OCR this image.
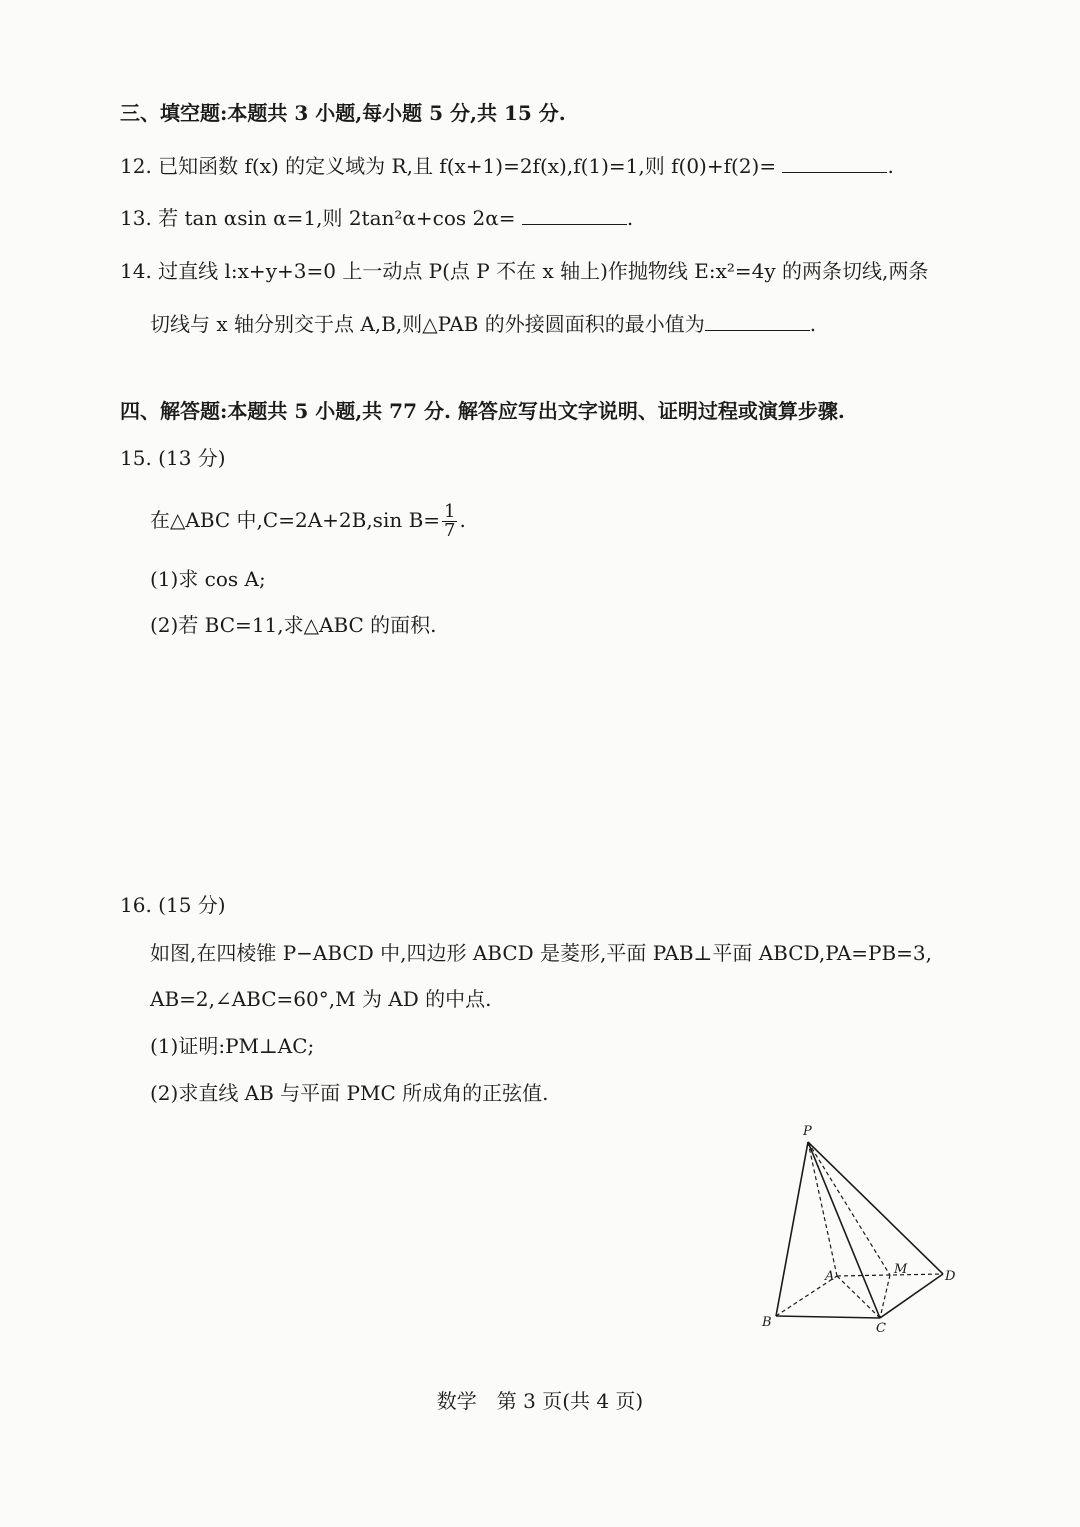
三、填空题:本题共 3 小题,每小题 5 分,共 15 分.
12. 已知函数 f(x) 的定义域为 R,且 f(x+1)=2f(x),f(1)=1,则 f(0)+f(2)=	.
13. 若 tan αsin α=1,则 2tan²α+cos 2α=	.
14. 过直线 l:x+y+3=0 上一动点 P(点 P 不在 x 轴上)作抛物线 E:x²=4y 的两条切线,两条
切线与 x 轴分别交于点 A,B,则△PAB 的外接圆面积的最小值为	.
四、解答题:本题共 5 小题,共 77 分. 解答应写出文字说明、证明过程或演算步骤.
15. (13 分)
在△ABC 中,C=2A+2B,sin $B= \frac{1}{7}$ .
(1)求 cos A;
(2)若 BC=11,求△ABC 的面积.
16. (15 分)
如图,在四棱锥 P−ABCD 中,四边形 ABCD 是菱形,平面 PAB⊥平面 ABCD,PA=PB=3,
AB=2,∠ABC=60°,M 为 AD 的中点.
(1)证明:PM⊥AC;
(2)求直线 AB 与平面 PMC 所成角的正弦值.
P
A	M	D
B	C
数学　第 3 页(共 4 页)
